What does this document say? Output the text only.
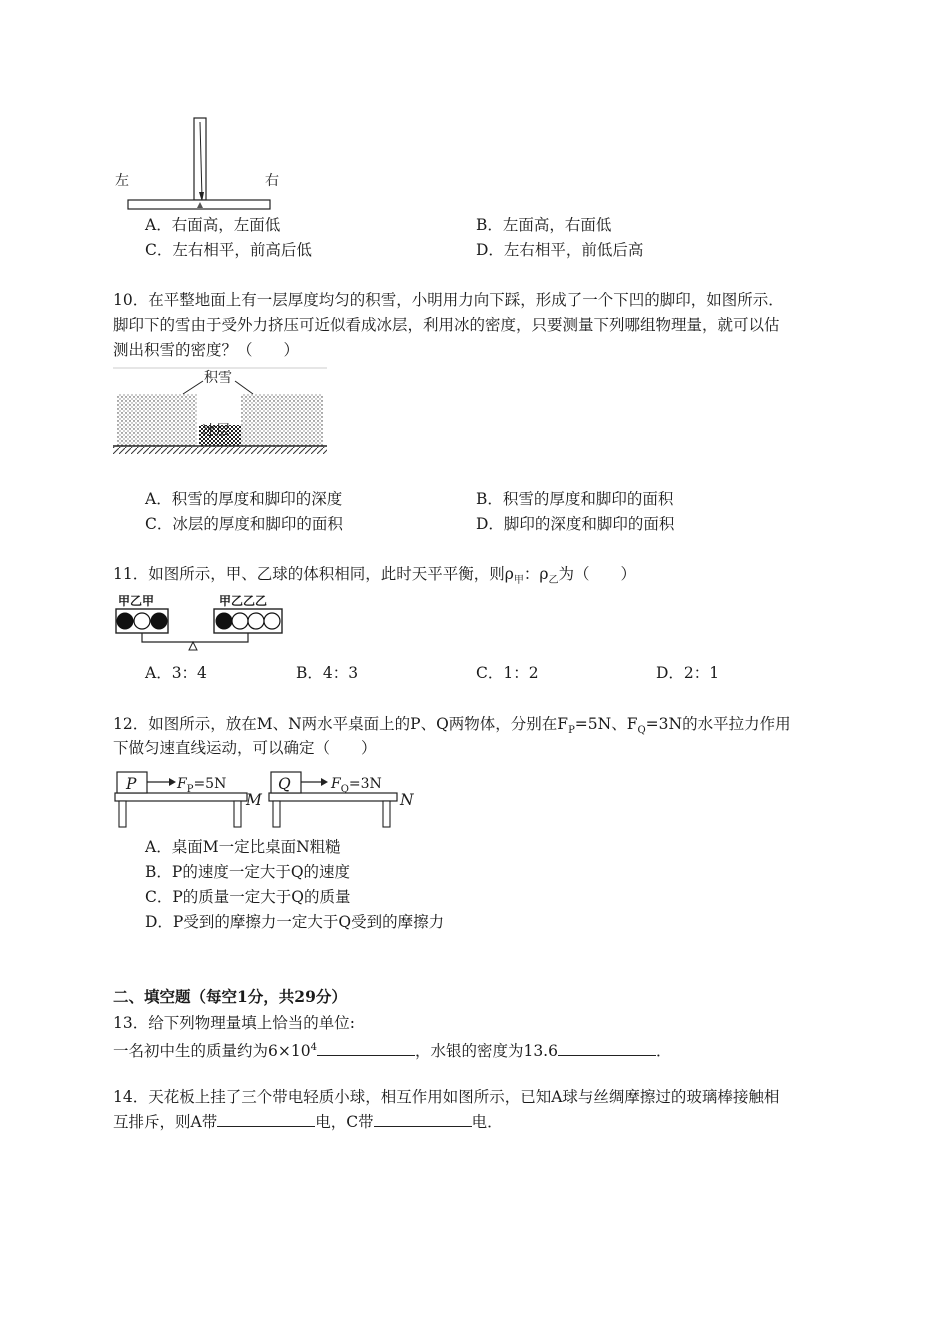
左	右
A．右面高，左面低	B．左面高，右面低
C．左右相平，前高后低	D．左右相平，前低后高
10．在平整地面上有一层厚度均匀的积雪，小明用力向下踩，形成了一个下凹的脚印，如图所示．
脚印下的雪由于受外力挤压可近似看成冰层，利用冰的密度，只要测量下列哪组物理量，就可以估
测出积雪的密度？（　　）
积雪
冰层
A．积雪的厚度和脚印的深度	B．积雪的厚度和脚印的面积
C．冰层的厚度和脚印的面积	D．脚印的深度和脚印的面积
11．如图所示，甲、乙球的体积相同，此时天平平衡，则$\rho_甲$：$\rho_乙$为（　　）
甲乙甲	甲乙乙乙
A．3：4	B．4：3	C．1：2	D．2：1
12．如图所示，放在M、N两水平桌面上的P、Q两物体，分别在$F_P=5N$、$F_Q=3N$的水平拉力作用
下做匀速直线运动，可以确定（　　）
P	$F_P=5N$
M
Q	$F_Q=3N$
N
A．桌面M一定比桌面N粗糙
B．P的速度一定大于Q的速度
C．P的质量一定大于Q的质量
D．P受到的摩擦力一定大于Q受到的摩擦力
二、填空题（每空1分，共29分）
13．给下列物理量填上恰当的单位:
一名初中生的质量约为$6\times 10^4$	，水银的密度为13.6	．
14．天花板上挂了三个带电轻质小球，相互作用如图所示，已知A球与丝绸摩擦过的玻璃棒接触相
互排斥，则A带	电，C带	电．
